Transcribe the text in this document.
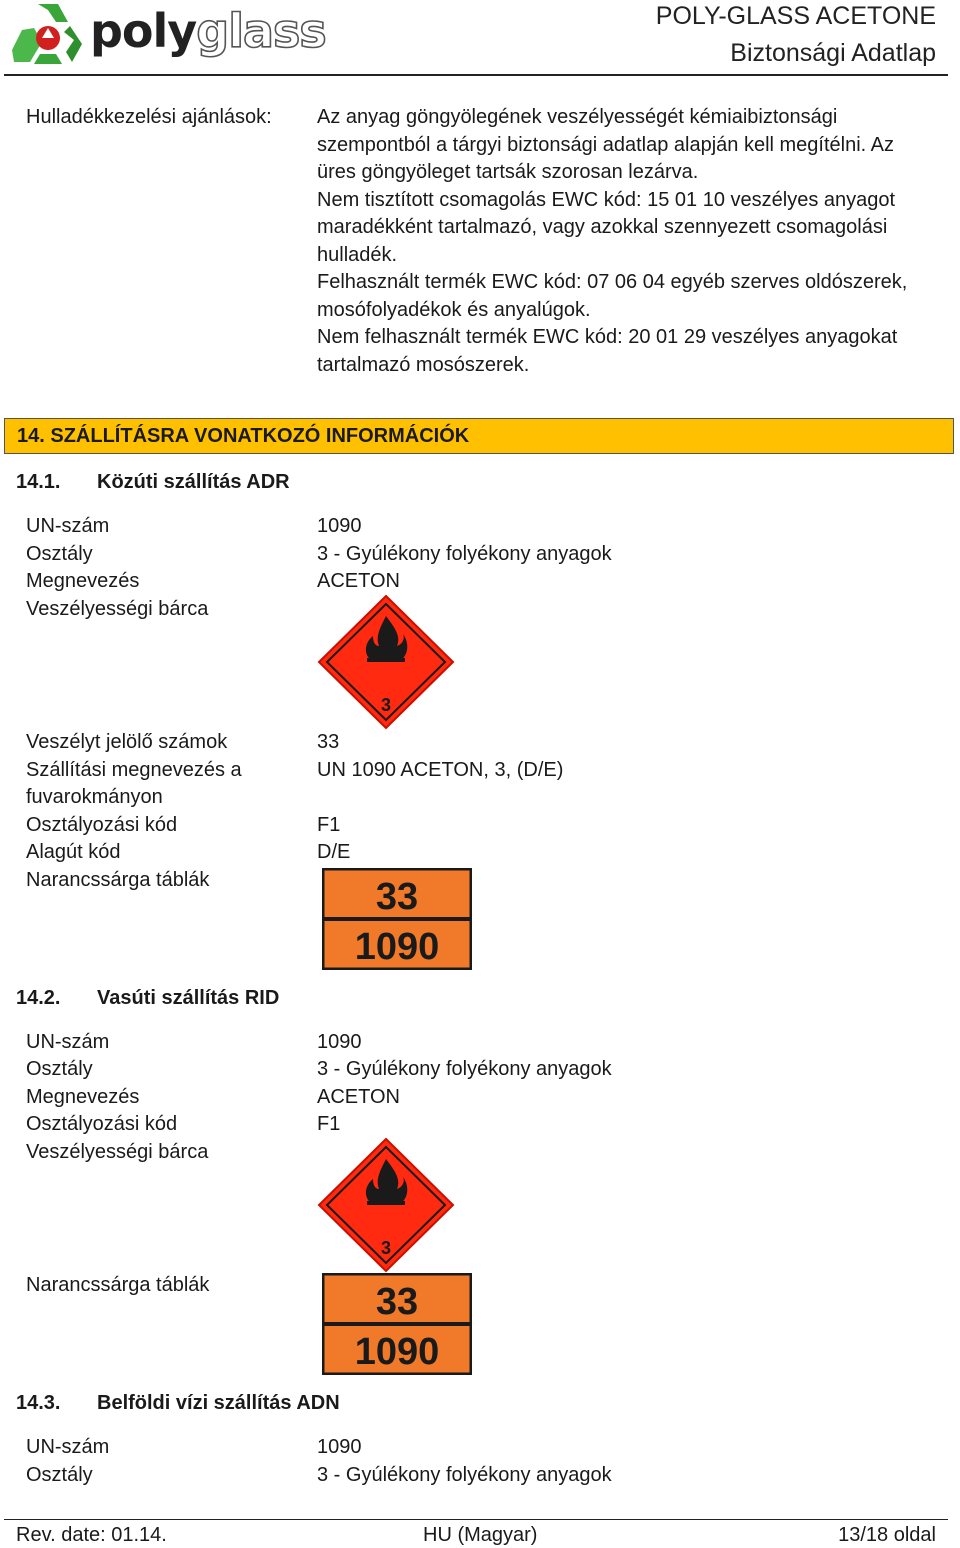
polyglass	POLY-GLASS ACETONE
Biztonsági Adatlap
Hulladékkezelési ajánlások: Az anyag göngyölegének veszélyességét kémiaibiztonsági szempontból a tárgyi biztonsági adatlap alapján kell megítélni. Az üres göngyöleget tartsák szorosan lezárva.

Nem tisztított csomagolás EWC kód: 15 01 10 veszélyes anyagot maradékként tartalmazó, vagy azokkal szennyezett csomagolási hulladék.

Felhasznált termék EWC kód: 07 06 04 egyéb szerves oldószerek, mosófolyadékok és anyalúgok.

Nem felhasznált termék EWC kód: 20 01 29 veszélyes anyagokat tartalmazó mosószerek.

14. SZÁLLÍTÁSRA VONATKOZÓ INFORMÁCIÓK
14.1. Közúti szállítás ADR
UN-szám	1090
Osztály	3 - Gyúlékony folyékony anyagok
Megnevezés	ACETON
Veszélyességi bárca
3
Veszélyt jelölő számok	33
Szállítási megnevezés a	UN 1090 ACETON, 3, (D/E)
fuvarokmányon
Osztályozási kód	F1
Alagút kód	D/E
Narancssárga táblák	33
1090
14.2. Vasúti szállítás RID
UN-szám	1090
Osztály	3 - Gyúlékony folyékony anyagok
Megnevezés	ACETON
Osztályozási kód	F1
Veszélyességi bárca
3
Narancssárga táblák	33
1090
14.3. Belföldi vízi szállítás ADN
UN-szám	1090
Osztály	3 - Gyúlékony folyékony anyagok
Rev. date: 01.14.	HU (Magyar)	13/18 oldal
